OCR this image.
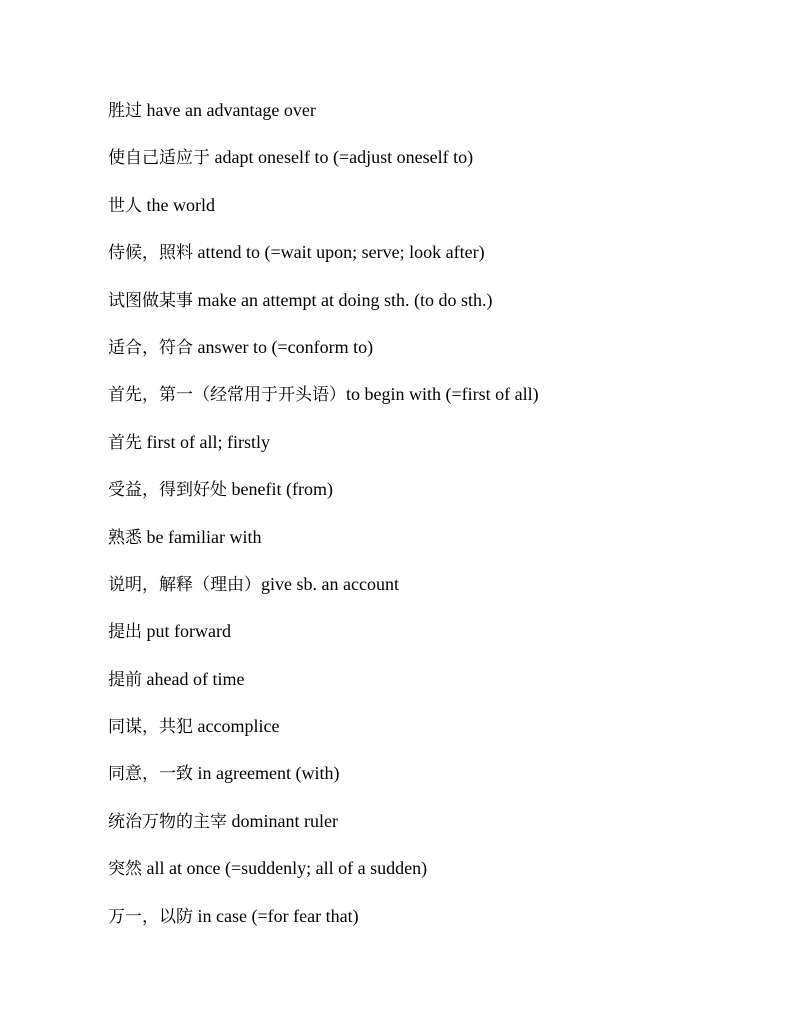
胜过 have an advantage over
使自己适应于 adapt oneself to (=adjust oneself to)
世人 the world
侍候，照料 attend to (=wait upon; serve; look after)
试图做某事 make an attempt at doing sth. (to do sth.)
适合，符合 answer to (=conform to)
首先，第一（经常用于开头语）to begin with (=first of all)
首先 first of all; firstly
受益，得到好处 benefit (from)
熟悉 be familiar with
说明，解释（理由）give sb. an account
提出 put forward
提前 ahead of time
同谋，共犯 accomplice
同意，一致 in agreement (with)
统治万物的主宰 dominant ruler
突然 all at once (=suddenly; all of a sudden)
万一，以防 in case (=for fear that)
